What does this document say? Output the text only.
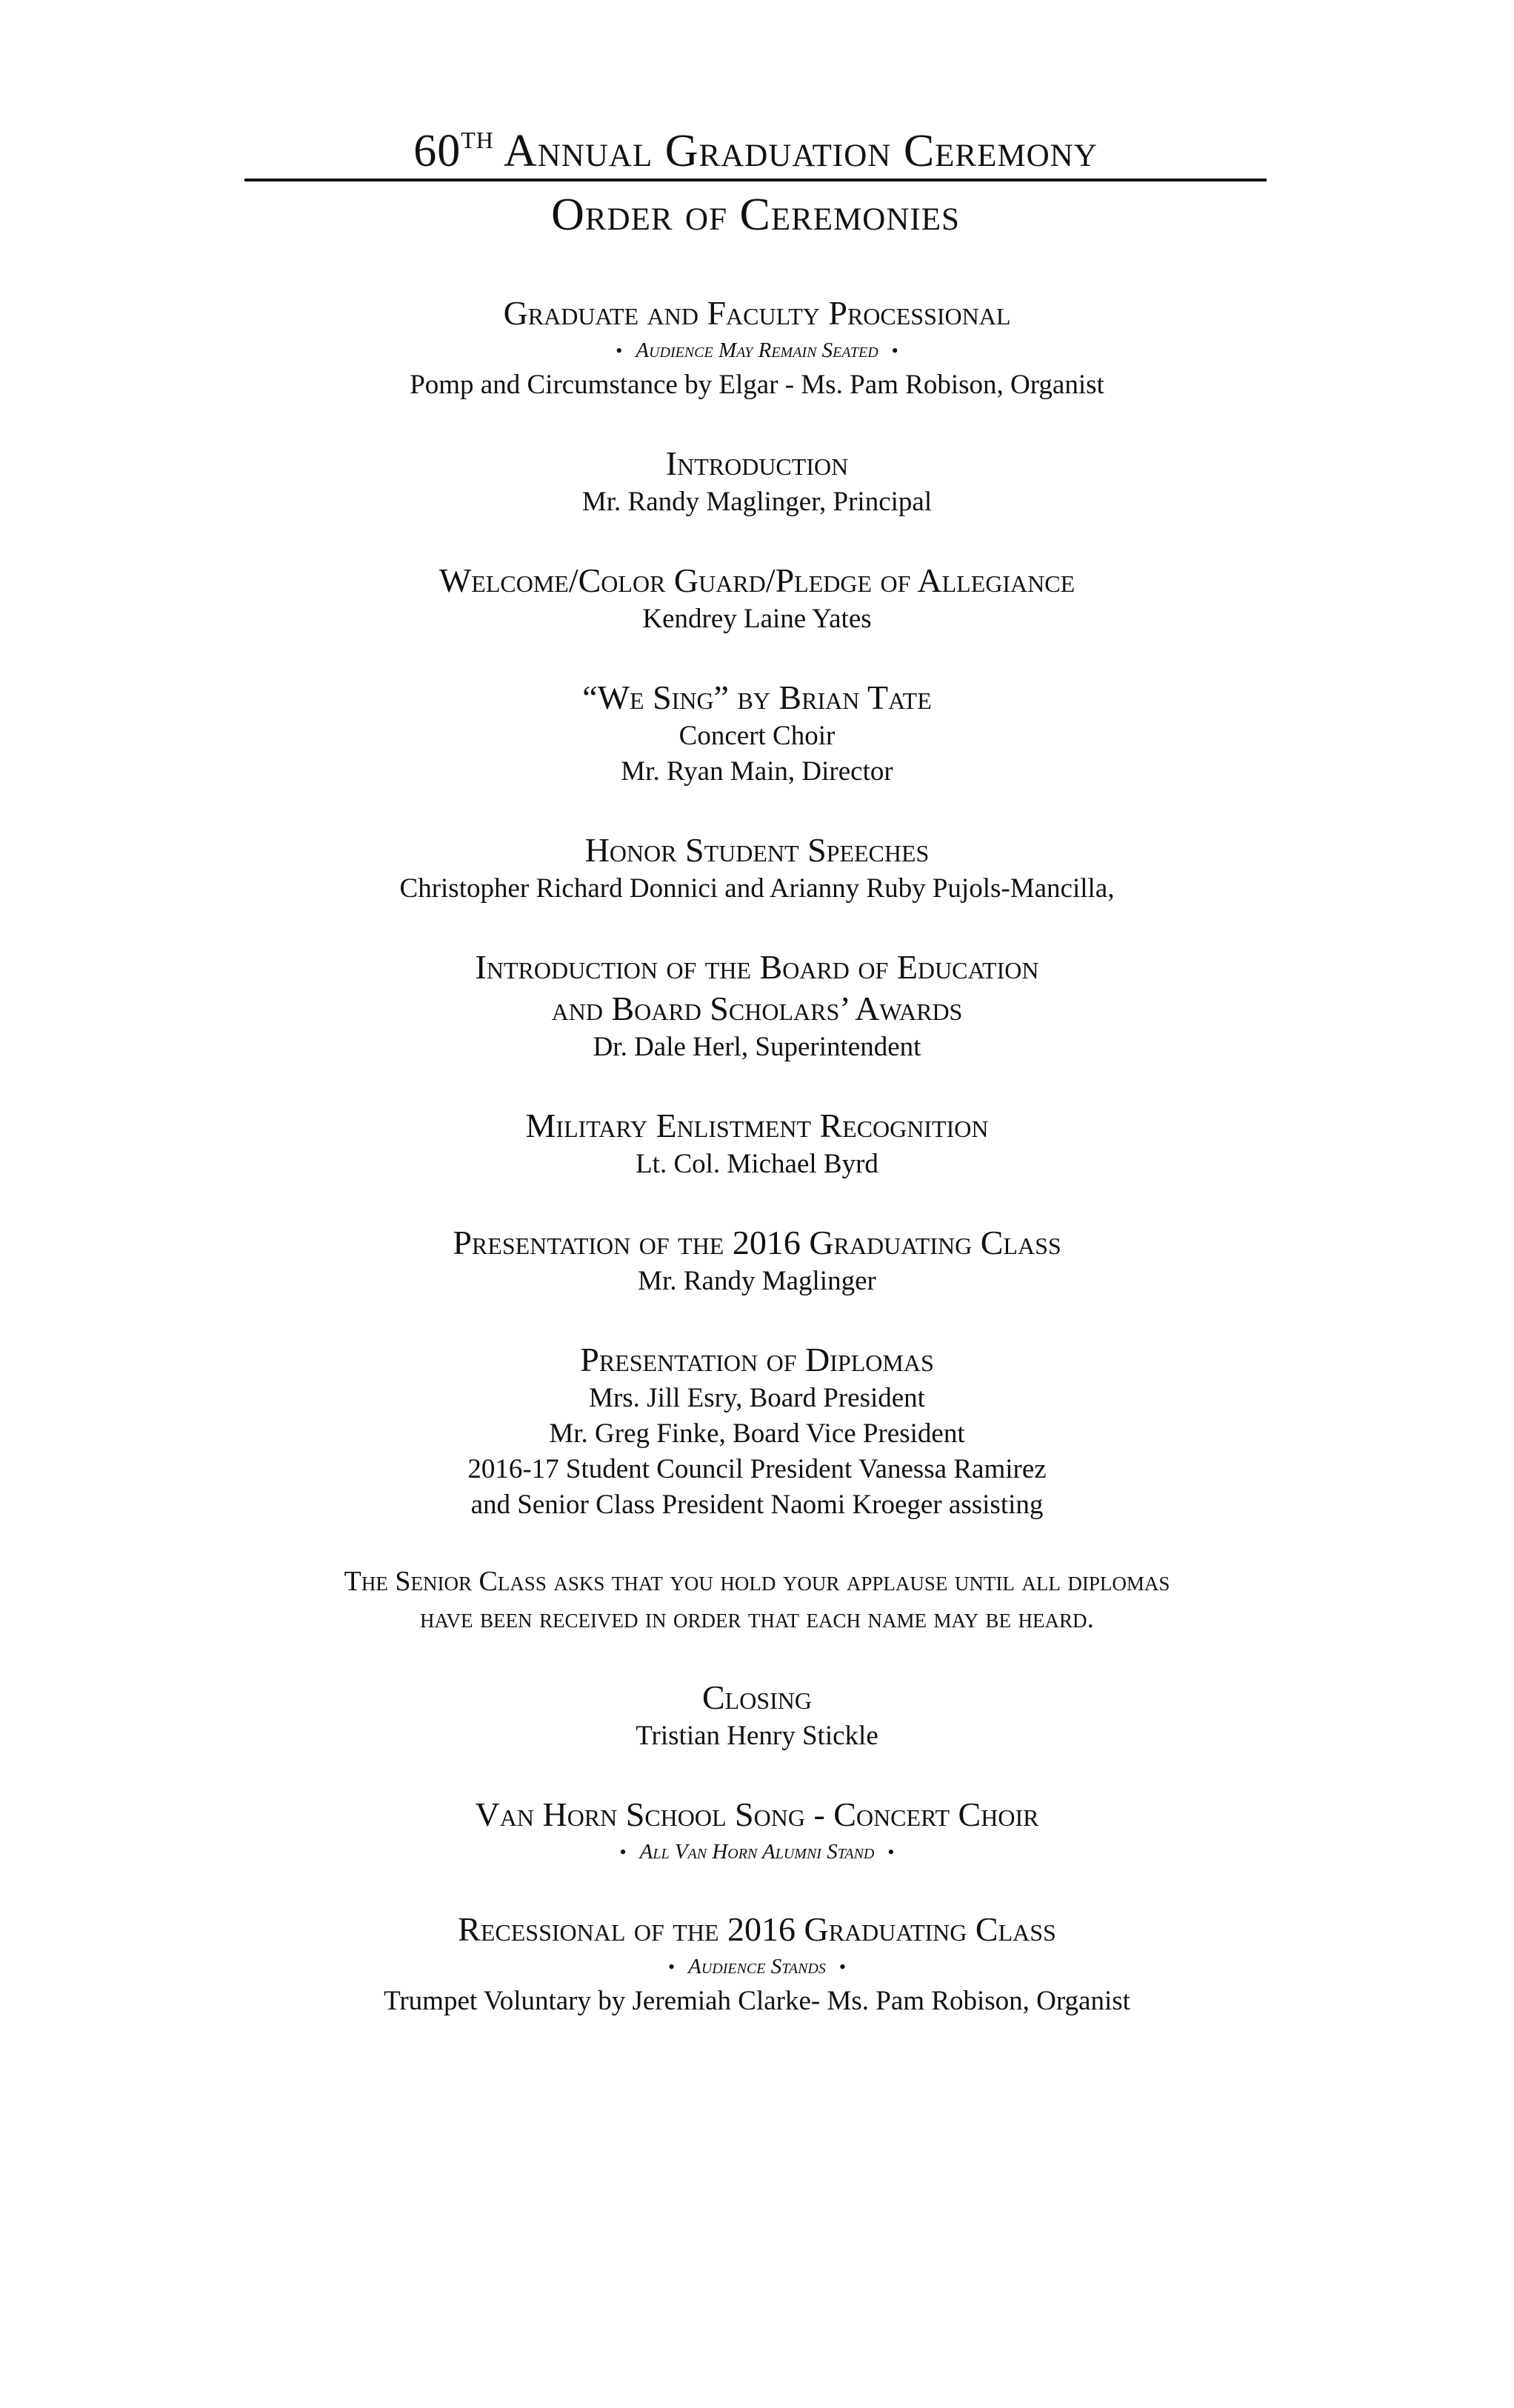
60TH Annual Graduation Ceremony
Order of Ceremonies
Graduate and Faculty Processional
• Audience May Remain Seated •
Pomp and Circumstance by Elgar - Ms. Pam Robison, Organist
Introduction
Mr. Randy Maglinger, Principal
Welcome/Color Guard/Pledge of Allegiance
Kendrey Laine Yates
“We Sing” by Brian Tate
Concert Choir
Mr. Ryan Main, Director
Honor Student Speeches
Christopher Richard Donnici and Arianny Ruby Pujols-Mancilla,
Introduction of the Board of Education
and Board Scholars’ Awards
Dr. Dale Herl, Superintendent
Military Enlistment Recognition
Lt. Col. Michael Byrd
Presentation of the 2016 Graduating Class
Mr. Randy Maglinger
Presentation of Diplomas
Mrs. Jill Esry, Board President
Mr. Greg Finke, Board Vice President
2016-17 Student Council President Vanessa Ramirez
and Senior Class President Naomi Kroeger assisting
The Senior Class asks that you hold your applause until all diplomas
have been received in order that each name may be heard.
Closing
Tristian Henry Stickle
Van Horn School Song - Concert Choir
• All Van Horn Alumni Stand •
Recessional of the 2016 Graduating Class
• Audience Stands •
Trumpet Voluntary by Jeremiah Clarke- Ms. Pam Robison, Organist
